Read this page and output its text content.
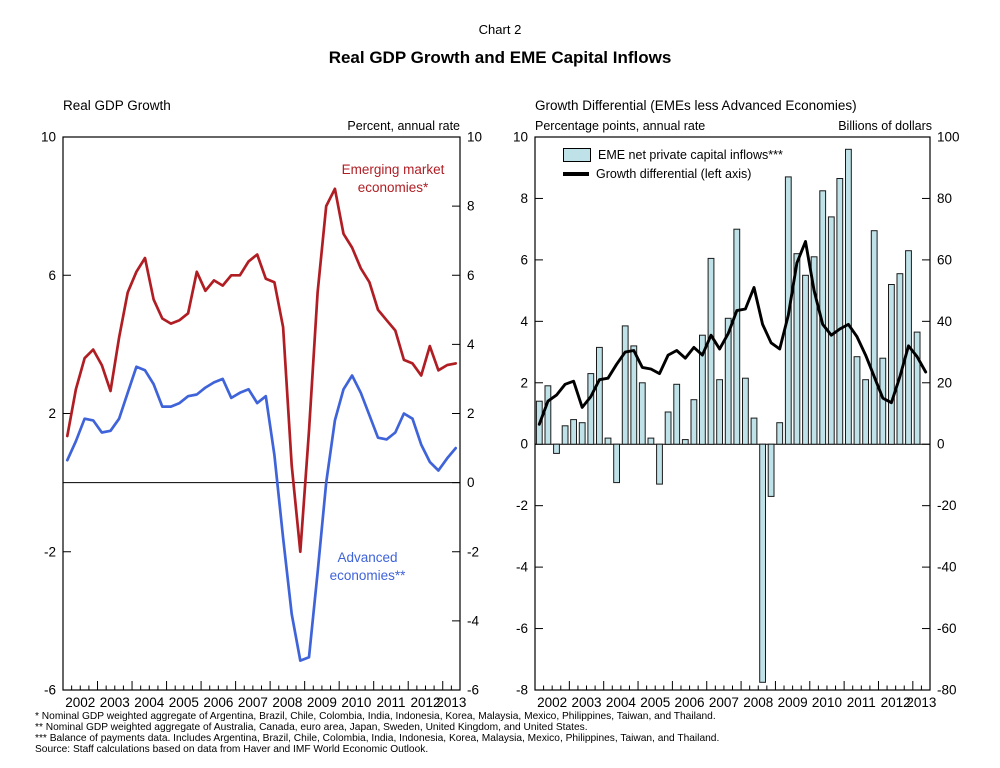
2002 2003 2004 2005 2006 2007 2008 2009 2010 2011 2012
2013
10
6
2
-2
-6
10
8
6
4
2
0
-2
-4
-6
2002 2003 2004 2005 2006 2007 2008 2009 2010 2011 2012
2013
10
8
6
4
2
0
-2
-4
-6
-8
100
80
60
40
20
0
-20
-40
-60
-80
Chart 2
Real GDP Growth and EME Capital Inflows
Real GDP Growth
Percent, annual rate
Growth Differential (EMEs less Advanced Economies)
Percentage points, annual rate	Billions of dollars
Emerging market economies*
Advanced economies**
EME net private capital inflows***
Growth differential (left axis)
* Nominal GDP weighted aggregate of Argentina, Brazil, Chile, Colombia, India, Indonesia, Korea, Malaysia, Mexico, Philippines, Taiwan, and Thailand.
** Nominal GDP weighted aggregate of Australia, Canada, euro area, Japan, Sweden, United Kingdom, and United States.
*** Balance of payments data. Includes Argentina, Brazil, Chile, Colombia, India, Indonesia, Korea, Malaysia, Mexico, Philippines, Taiwan, and Thailand.
Source: Staff calculations based on data from Haver and IMF World Economic Outlook.
